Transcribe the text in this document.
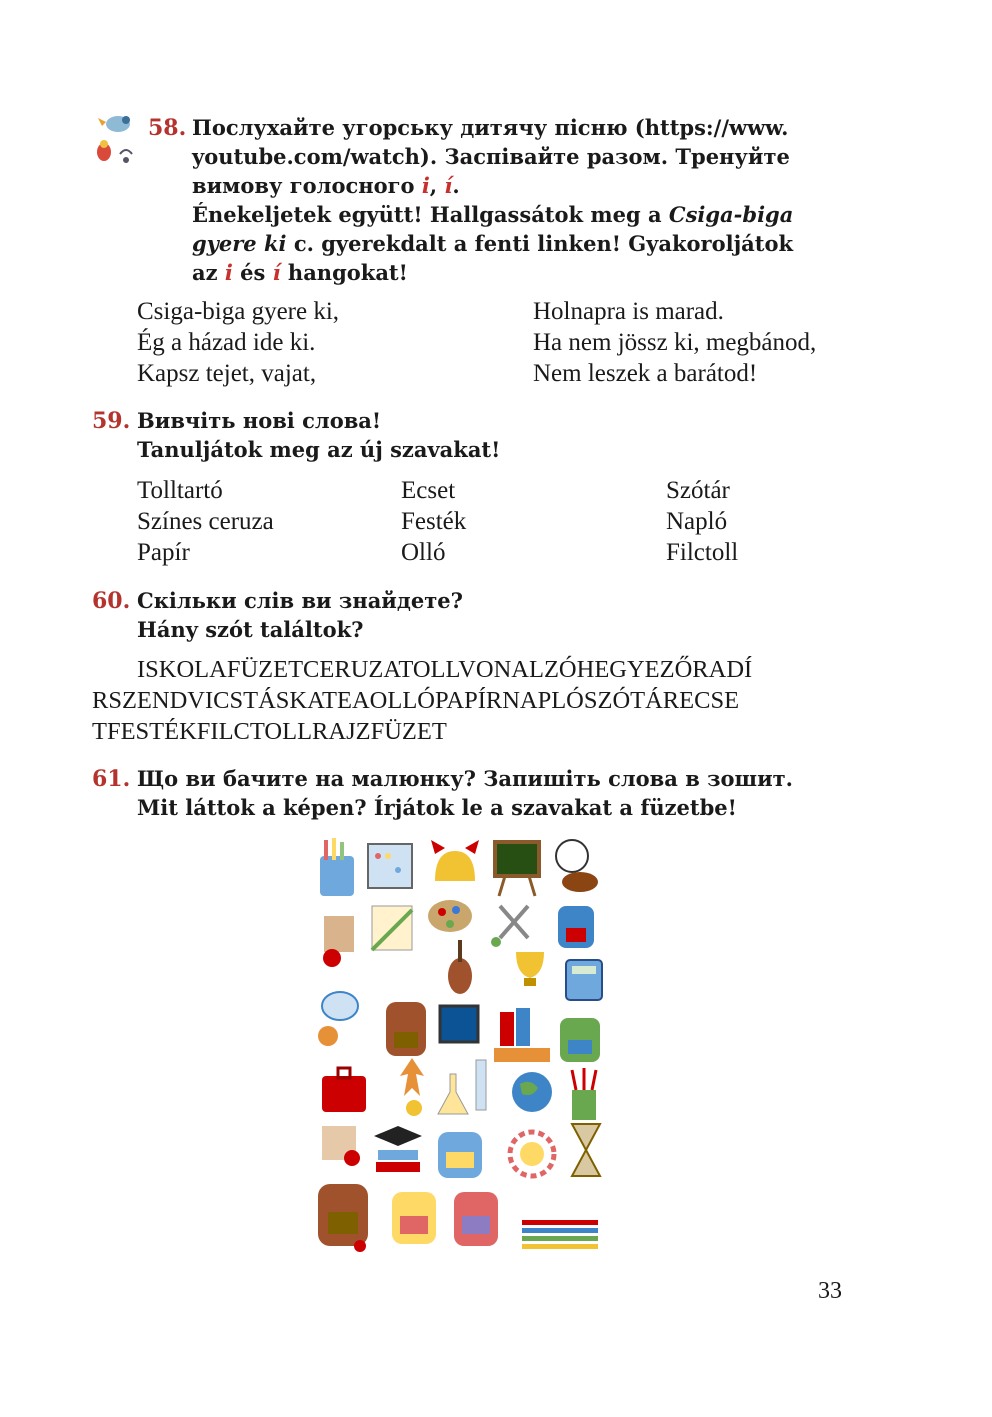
58. Послухайте угорську дитячу пісню (https://www.
youtube.com/watch). Заспівайте разом. Тренуйте
вимову голосного i, í.
Énekeljetek együtt! Hallgassátok meg a Csiga-biga
gyere ki c. gyerekdalt a fenti linken! Gyakoroljátok
az i és í hangokat!
Csiga-biga gyere ki,
Ég a házad ide ki.
Kapsz tejet, vajat,
Holnapra is marad.
Ha nem jössz ki, megbánod,
Nem leszek a barátod!
59. Вивчіть нові слова!
Tanuljátok meg az új szavakat!
Tolltartó
Színes ceruza
Papír
Ecset
Festék
Olló
Szótár
Napló
Filctoll
60. Скільки слів ви знайдете?
Hány szót találtok?
ISKOLAFÜZETCERUZATOLLVONALZÓHEGYEZŐRADÍ
RSZENDVICSTÁSKATEAOLLÓPAPÍRNAPLÓSZÓTÁRECSE
TFESTÉKFILCTOLLRAJZFÜZET
61. Що ви бачите на малюнку? Запишіть слова в зошит.
Mit láttok a képen? Írjátok le a szavakat a füzetbe!
33
